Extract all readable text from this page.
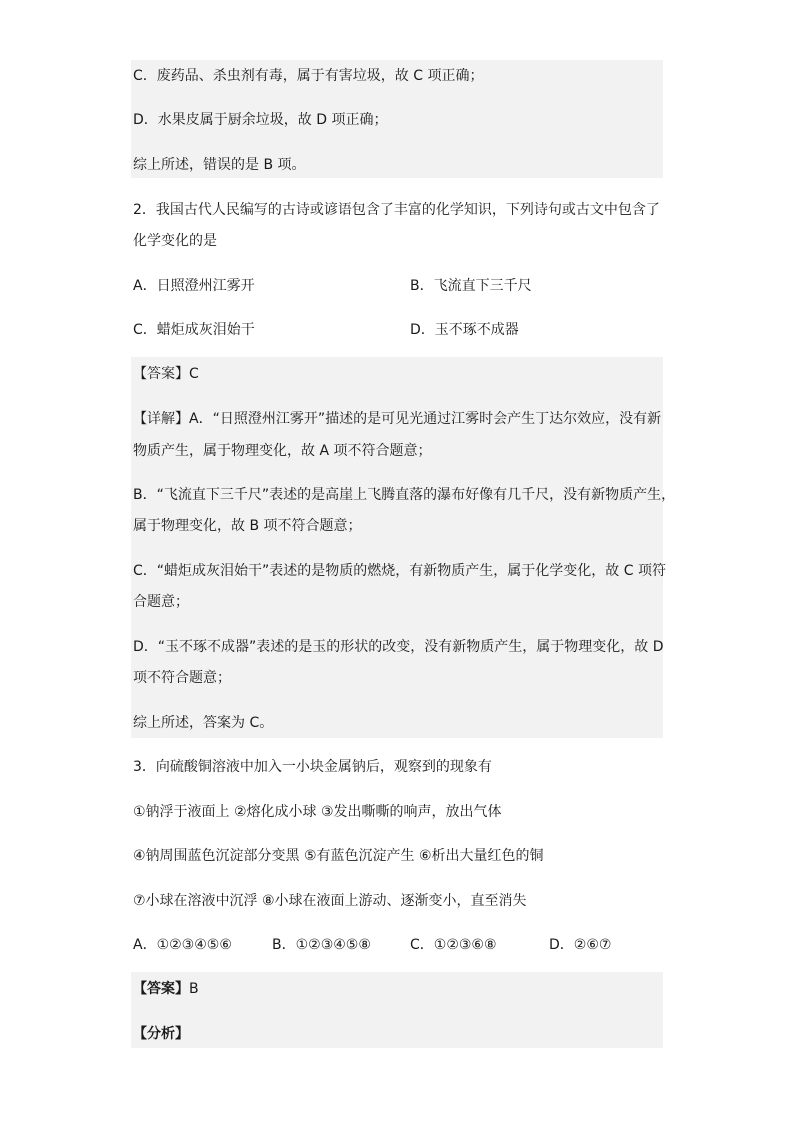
C．废药品、杀虫剂有毒，属于有害垃圾，故 C 项正确；
D．水果皮属于厨余垃圾，故 D 项正确；
综上所述，错误的是 B 项。
2．我国古代人民编写的古诗或谚语包含了丰富的化学知识，下列诗句或古文中包含了
化学变化的是
A．日照澄州江雾开	B．飞流直下三千尺
C．蜡炬成灰泪始干	D．玉不琢不成器
【答案】C
【详解】A．“日照澄州江雾开”描述的是可见光通过江雾时会产生丁达尔效应，没有新
物质产生，属于物理变化，故 A 项不符合题意；
B．“飞流直下三千尺”表述的是高崖上飞腾直落的瀑布好像有几千尺，没有新物质产生，
属于物理变化，故 B 项不符合题意；
C．“蜡炬成灰泪始干”表述的是物质的燃烧，有新物质产生，属于化学变化，故 C 项符
合题意；
D．“玉不琢不成器”表述的是玉的形状的改变，没有新物质产生，属于物理变化，故 D
项不符合题意；
综上所述，答案为 C。
3．向硫酸铜溶液中加入一小块金属钠后，观察到的现象有
①钠浮于液面上 ②熔化成小球 ③发出嘶嘶的响声，放出气体
④钠周围蓝色沉淀部分变黑 ⑤有蓝色沉淀产生 ⑥析出大量红色的铜
⑦小球在溶液中沉浮 ⑧小球在液面上游动、逐渐变小，直至消失
A．①②③④⑤⑥	B．①②③④⑤⑧	C．①②③⑥⑧	D．②⑥⑦
【答案】B
【分析】
